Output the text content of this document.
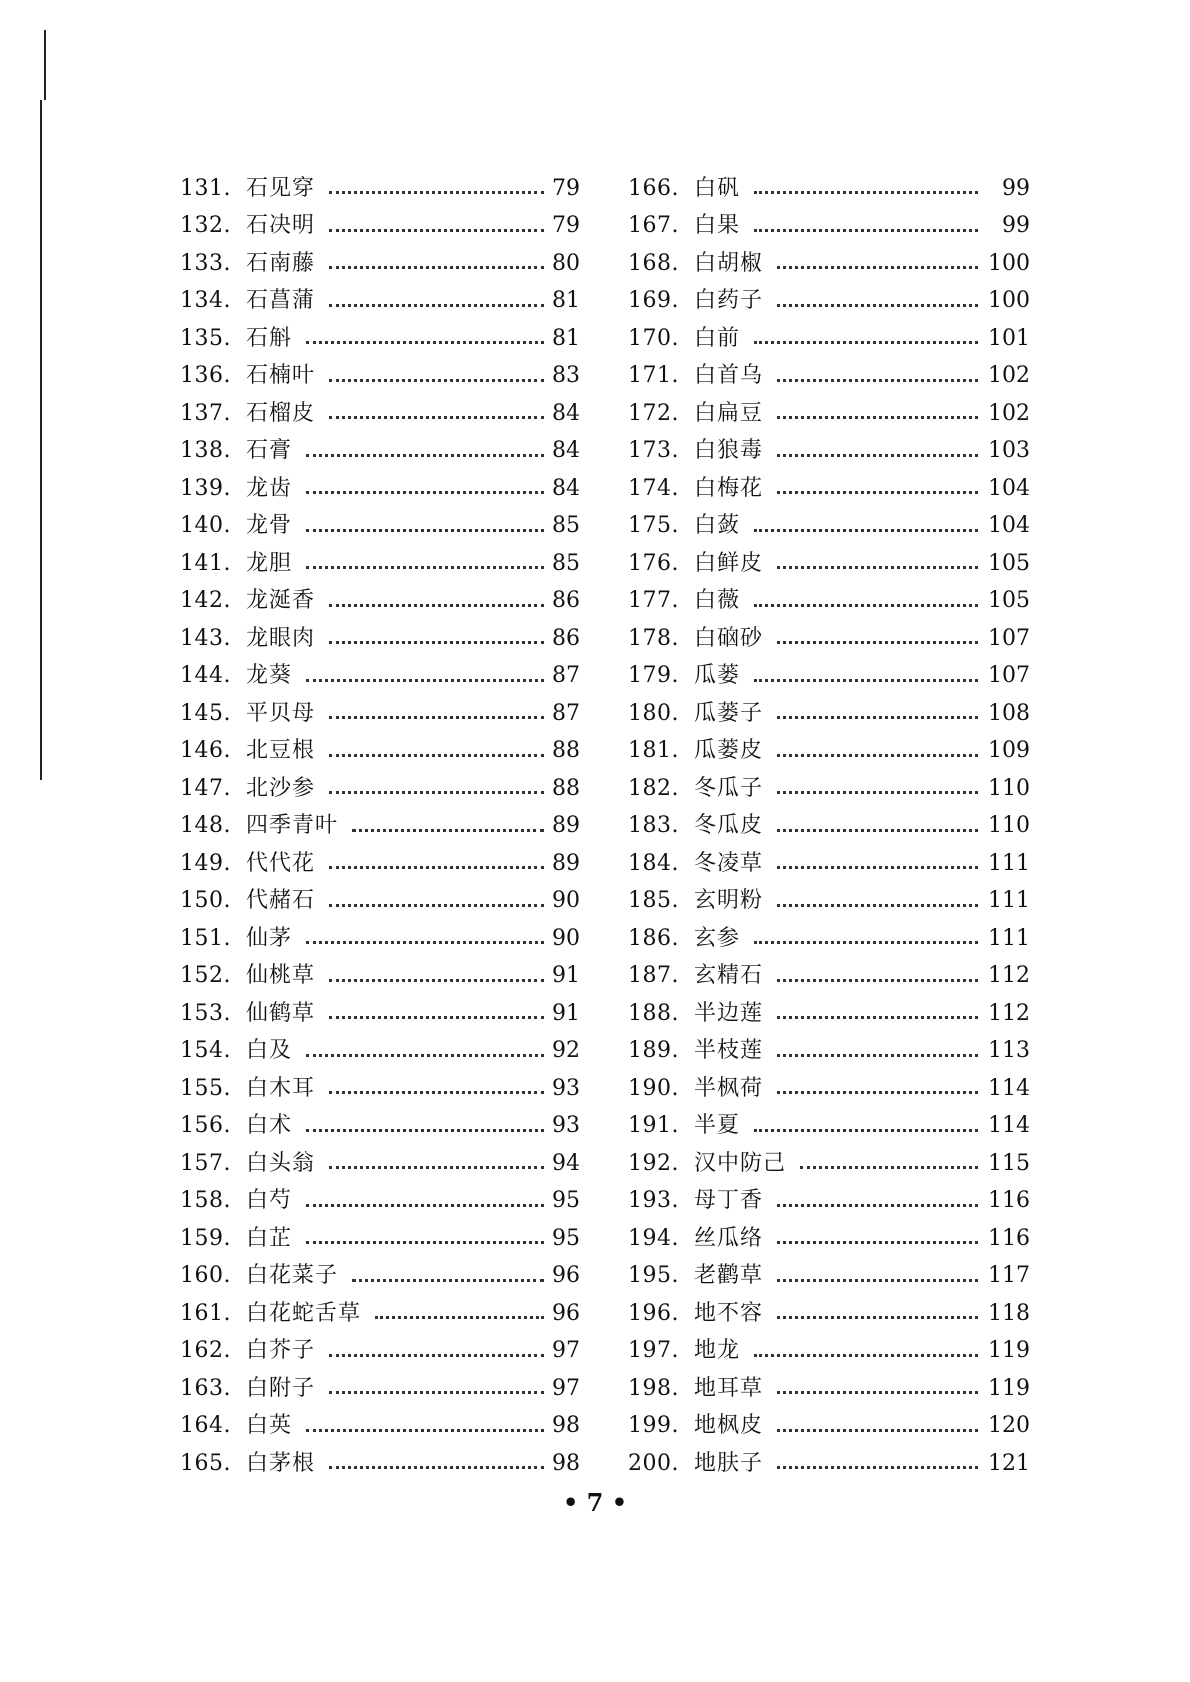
131. 石见穿	79
132. 石决明	79
133. 石南藤	80
134. 石菖蒲	81
135. 石斛	81
136. 石楠叶	83
137. 石榴皮	84
138. 石膏	84
139. 龙齿	84
140. 龙骨	85
141. 龙胆	85
142. 龙涎香	86
143. 龙眼肉	86
144. 龙葵	87
145. 平贝母	87
146. 北豆根	88
147. 北沙参	88
148. 四季青叶	89
149. 代代花	89
150. 代赭石	90
151. 仙茅	90
152. 仙桃草	91
153. 仙鹤草	91
154. 白及	92
155. 白木耳	93
156. 白术	93
157. 白头翁	94
158. 白芍	95
159. 白芷	95
160. 白花菜子	96
161. 白花蛇舌草	96
162. 白芥子	97
163. 白附子	97
164. 白英	98
165. 白茅根	98
166. 白矾	99
167. 白果	99
168. 白胡椒	100
169. 白药子	100
170. 白前	101
171. 白首乌	102
172. 白扁豆	102
173. 白狼毒	103
174. 白梅花	104
175. 白蔹	104
176. 白鲜皮	105
177. 白薇	105
178. 白硇砂	107
179. 瓜蒌	107
180. 瓜蒌子	108
181. 瓜蒌皮	109
182. 冬瓜子	110
183. 冬瓜皮	110
184. 冬凌草	111
185. 玄明粉	111
186. 玄参	111
187. 玄精石	112
188. 半边莲	112
189. 半枝莲	113
190. 半枫荷	114
191. 半夏	114
192. 汉中防己	115
193. 母丁香	116
194. 丝瓜络	116
195. 老鹳草	117
196. 地不容	118
197. 地龙	119
198. 地耳草	119
199. 地枫皮	120
200. 地肤子	121
• 7 •
